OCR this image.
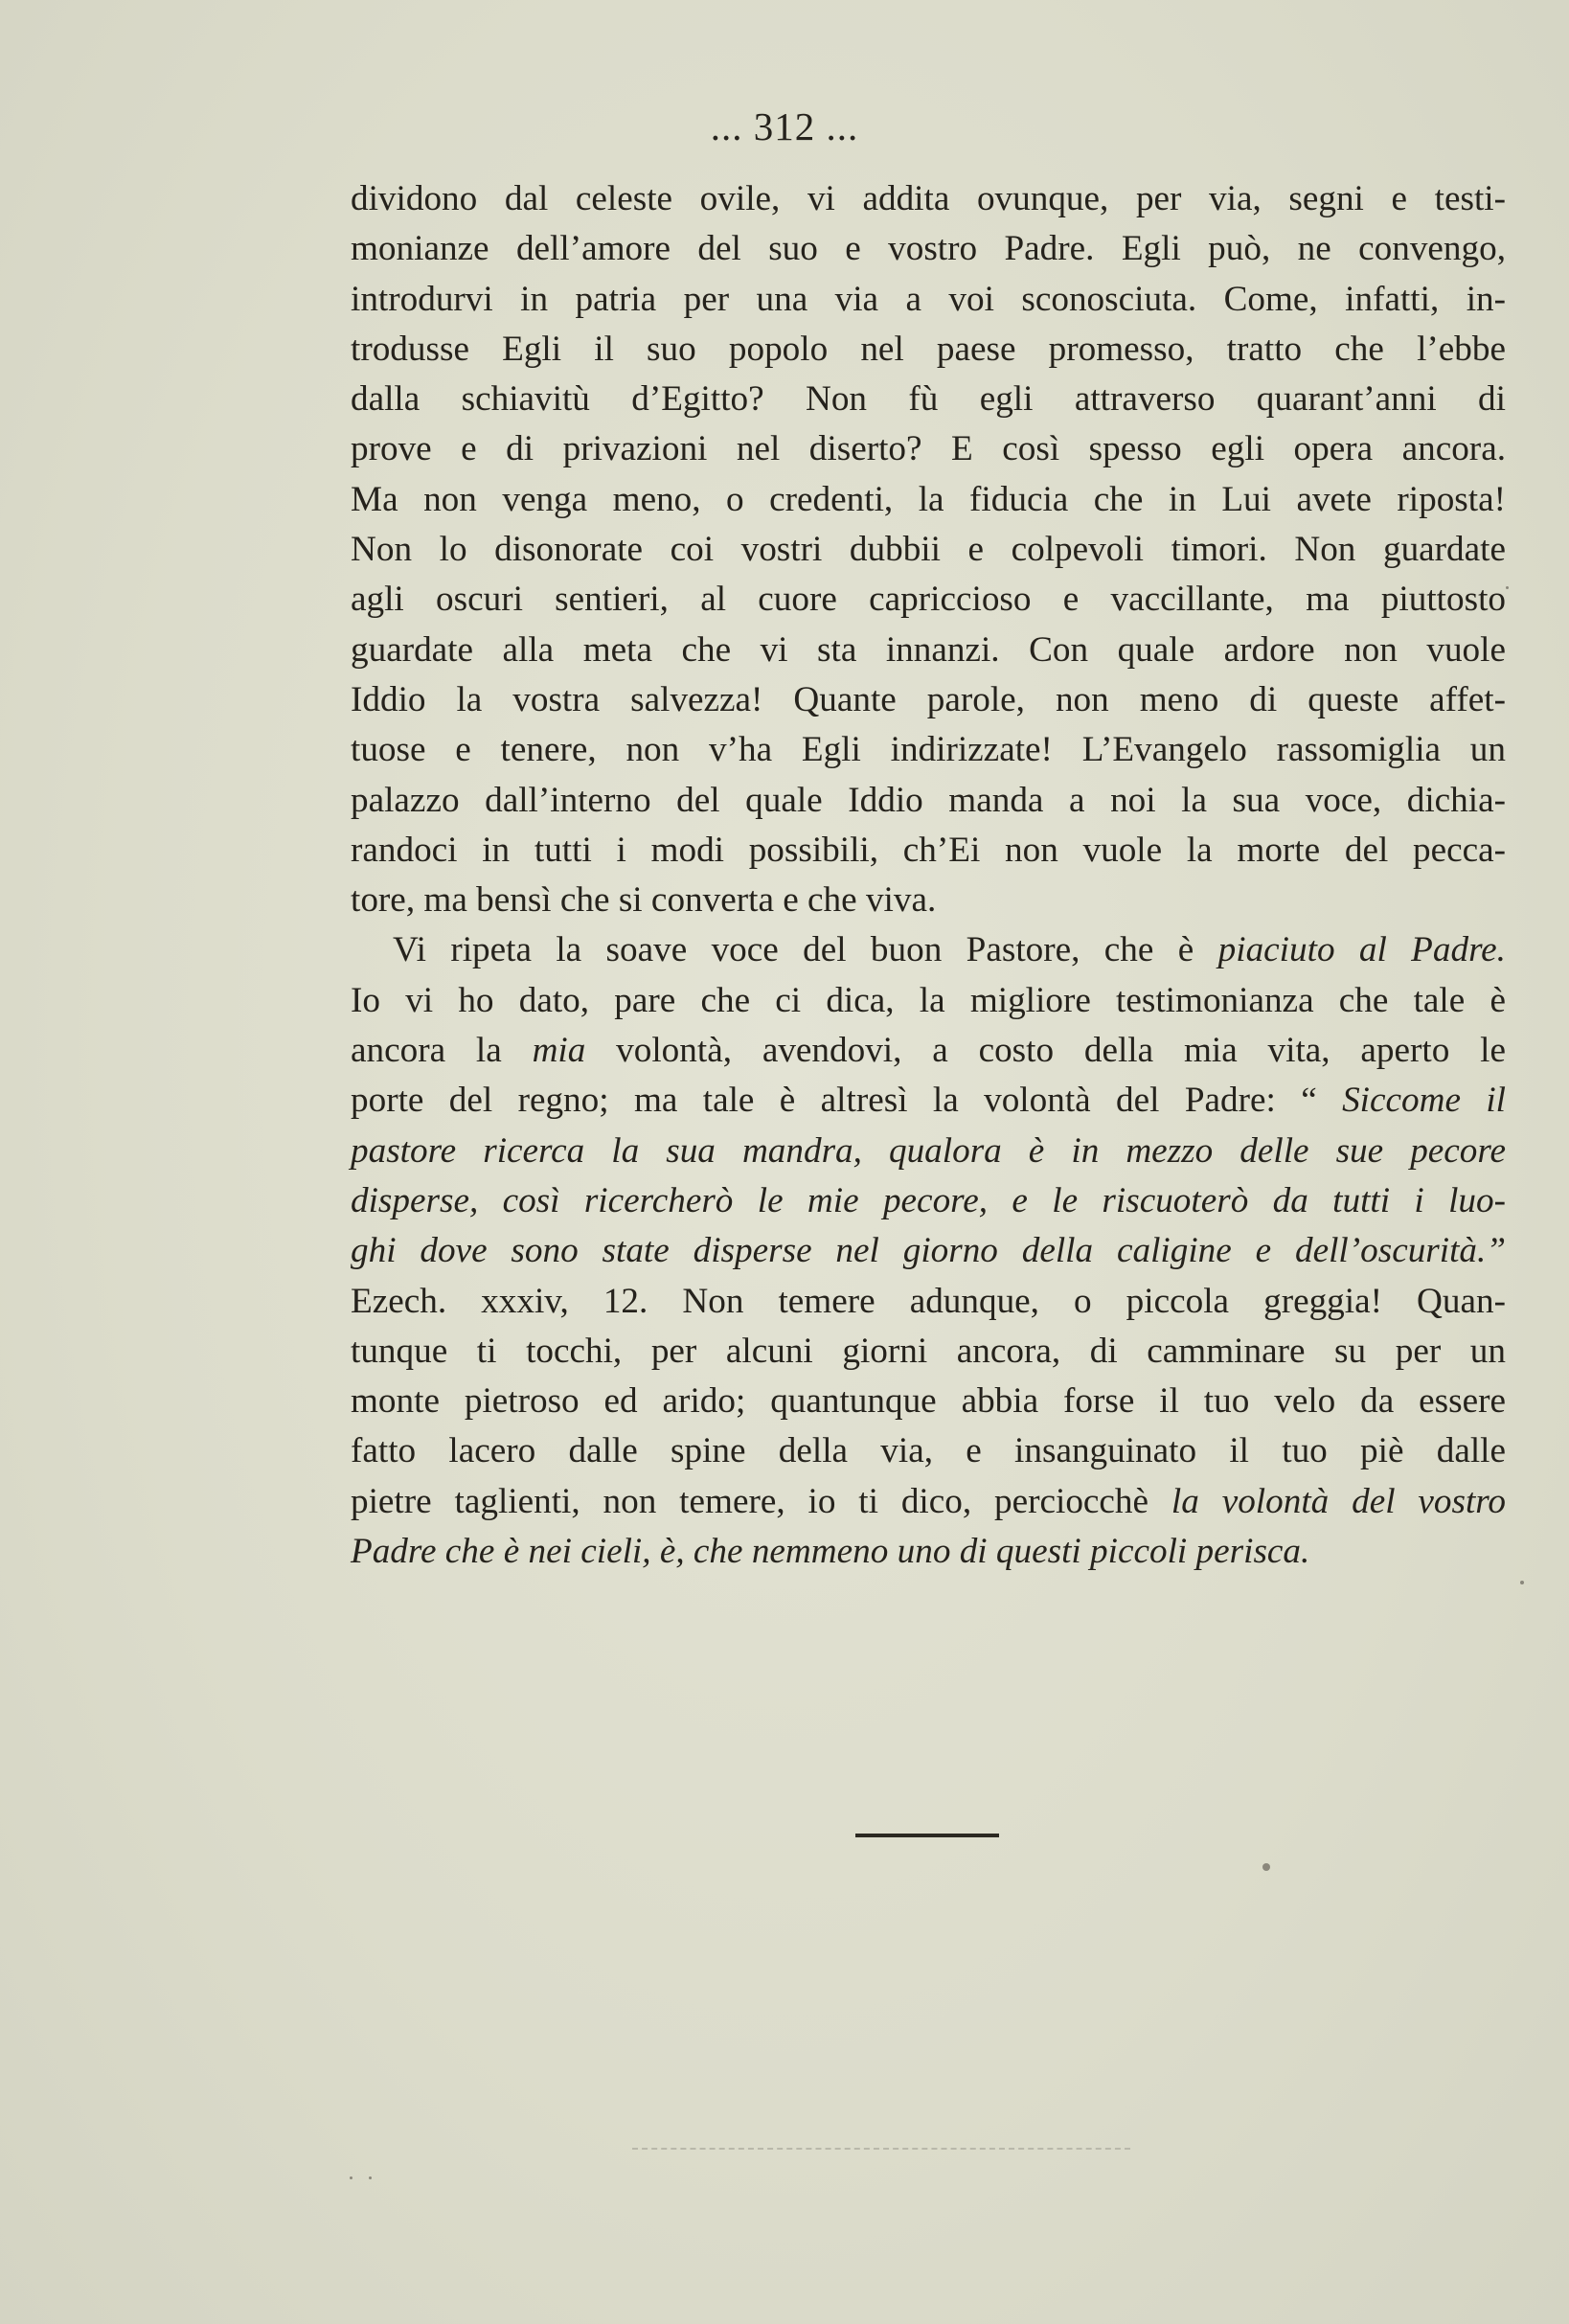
... 312 ...
dividono dal celeste ovile, vi addita ovunque, per via, segni e testi-
monianze dell’amore del suo e vostro Padre. Egli può, ne convengo,
introdurvi in patria per una via a voi sconosciuta. Come, infatti, in-
trodusse Egli il suo popolo nel paese promesso, tratto che l’ebbe
dalla schiavitù d’Egitto? Non fù egli attraverso quarant’anni di
prove e di privazioni nel diserto? E così spesso egli opera ancora.
Ma non venga meno, o credenti, la fiducia che in Lui avete riposta!
Non lo disonorate coi vostri dubbii e colpevoli timori. Non guardate
agli oscuri sentieri, al cuore capriccioso e vaccillante, ma piuttosto
guardate alla meta che vi sta innanzi. Con quale ardore non vuole
Iddio la vostra salvezza! Quante parole, non meno di queste affet-
tuose e tenere, non v’ha Egli indirizzate! L’Evangelo rassomiglia un
palazzo dall’interno del quale Iddio manda a noi la sua voce, dichia-
randoci in tutti i modi possibili, ch’Ei non vuole la morte del pecca-
tore, ma bensì che si converta e che viva.
Vi ripeta la soave voce del buon Pastore, che è piaciuto al Padre.
Io vi ho dato, pare che ci dica, la migliore testimonianza che tale è
ancora la mia volontà, avendovi, a costo della mia vita, aperto le
porte del regno; ma tale è altresì la volontà del Padre: “ Siccome il
pastore ricerca la sua mandra, qualora è in mezzo delle sue pecore
disperse, così ricercherò le mie pecore, e le riscuoterò da tutti i luo-
ghi dove sono state disperse nel giorno della caligine e dell’oscurità.”
Ezech. xxxiv, 12. Non temere adunque, o piccola greggia! Quan-
tunque ti tocchi, per alcuni giorni ancora, di camminare su per un
monte pietroso ed arido; quantunque abbia forse il tuo velo da essere
fatto lacero dalle spine della via, e insanguinato il tuo piè dalle
pietre taglienti, non temere, io ti dico, perciocchè la volontà del vostro
Padre che è nei cieli, è, che nemmeno uno di questi piccoli perisca.
